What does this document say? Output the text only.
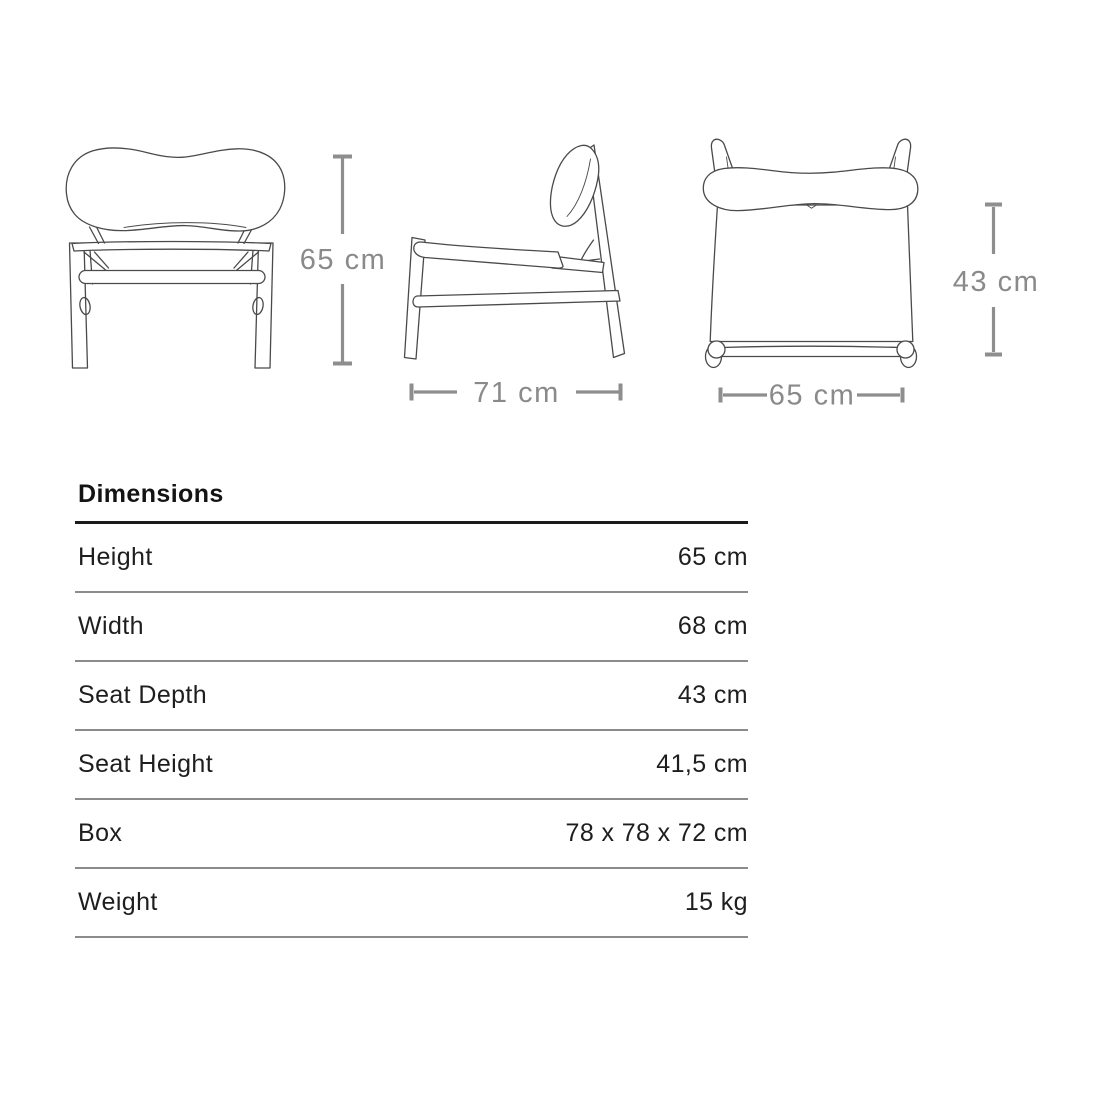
65 cm
71 cm	65 cm
43 cm
Dimensions
Height	65 cm
Width	68 cm
Seat Depth	43 cm
Seat Height	41,5 cm
Box	78 x 78 x 72 cm
Weight	15 kg
